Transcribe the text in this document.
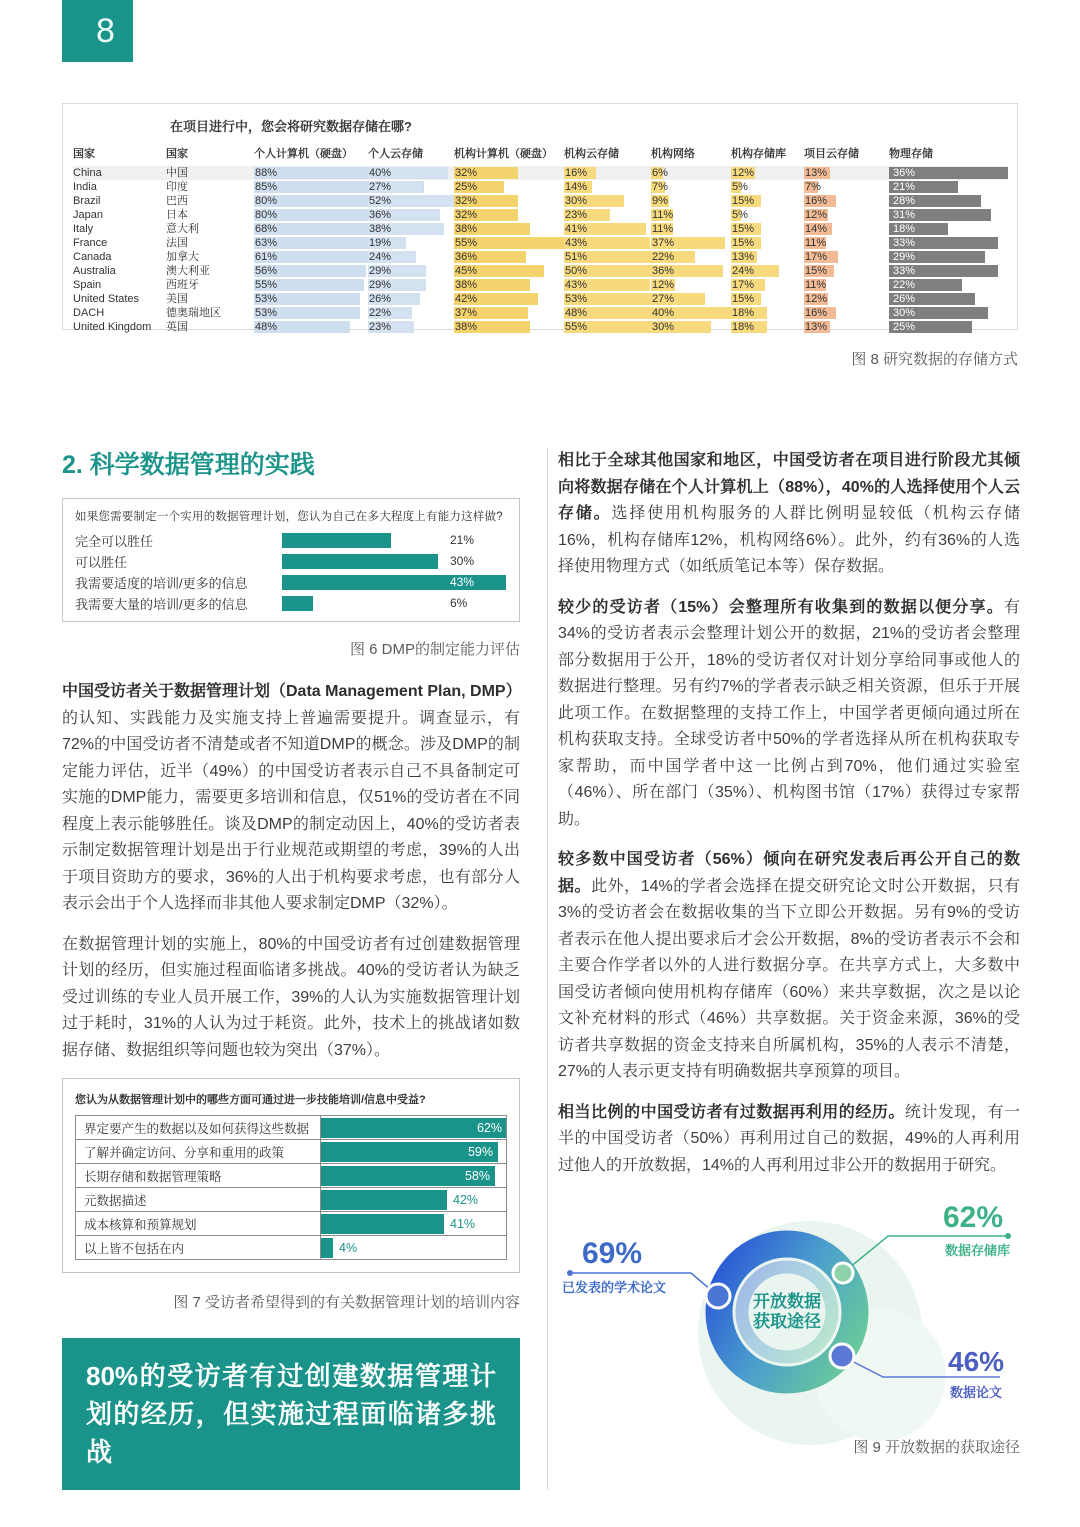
8
在项目进行中，您会将研究数据存储在哪?
国家	国家	个人计算机（硬盘）	个人云存储	机构计算机（硬盘）	机构云存储	机构网络	机构存储库	项目云存储	物理存储
China	中国	88%	40%	32%	16%	6%	12%	13%	36%
India	印度	85%	27%	25%	14%	7%	5%	7%	21%
Brazil	巴西	80%	52%	32%	30%	9%	15%	16%	28%
Japan	日本	80%	36%	32%	23%	11%	5%	12%	31%
Italy	意大利	68%	38%	38%	41%	11%	15%	14%	18%
France	法国	63%	19%	55%	43%	37%	15%	11%	33%
Canada	加拿大	61%	24%	36%	51%	22%	13%	17%	29%
Australia	澳大利亚	56%	29%	45%	50%	36%	24%	15%	33%
Spain	西班牙	55%	29%	38%	43%	12%	17%	11%	22%
United States	美国	53%	26%	42%	53%	27%	15%	12%	26%
DACH	德奥瑞地区	53%	22%	37%	48%	40%	18%	16%	30%
United Kingdom	英国	48%	23%	38%	55%	30%	18%	13%	25%
图 8 研究数据的存储方式
2. 科学数据管理的实践
如果您需要制定一个实用的数据管理计划，您认为自己在多大程度上有能力这样做?
完全可以胜任	21%
可以胜任	30%
我需要适度的培训/更多的信息	43%
我需要大量的培训/更多的信息	6%
图 6 DMP的制定能力评估

中国受访者关于数据管理计划（Data Management Plan, DMP）的认知、实践能力及实施支持上普遍需要提升。调查显示，有72%的中国受访者不清楚或者不知道DMP的概念。涉及DMP的制定能力评估，近半（49%）的中国受访者表示自己不具备制定可实施的DMP能力，需要更多培训和信息，仅51%的受访者在不同程度上表示能够胜任。谈及DMP的制定动因上，40%的受访者表示制定数据管理计划是出于行业规范或期望的考虑，39%的人出于项目资助方的要求，36%的人出于机构要求考虑，也有部分人表示会出于个人选择而非其他人要求制定DMP（32%）。

在数据管理计划的实施上，80%的中国受访者有过创建数据管理计划的经历，但实施过程面临诸多挑战。40%的受访者认为缺乏受过训练的专业人员开展工作，39%的人认为实施数据管理计划过于耗时，31%的人认为过于耗资。此外，技术上的挑战诸如数据存储、数据组织等问题也较为突出（37%）。

您认为从数据管理计划中的哪些方面可通过进一步技能培训/信息中受益?
界定要产生的数据以及如何获得这些数据	62%
了解并确定访问、分享和重用的政策	59%
长期存储和数据管理策略	58%
元数据描述	42%
成本核算和预算规划	41%
以上皆不包括在内	4%
图 7 受访者希望得到的有关数据管理计划的培训内容
80%的受访者有过创建数据管理计划的经历，但实施过程面临诸多挑战

相比于全球其他国家和地区，中国受访者在项目进行阶段尤其倾向将数据存储在个人计算机上（88%），40%的人选择使用个人云存储。选择使用机构服务的人群比例明显较低（机构云存储16%，机构存储库12%，机构网络6%）。此外，约有36%的人选择使用物理方式（如纸质笔记本等）保存数据。

较少的受访者（15%）会整理所有收集到的数据以便分享。有34%的受访者表示会整理计划公开的数据，21%的受访者会整理部分数据用于公开，18%的受访者仅对计划分享给同事或他人的数据进行整理。另有约7%的学者表示缺乏相关资源，但乐于开展此项工作。在数据整理的支持工作上，中国学者更倾向通过所在机构获取支持。全球受访者中50%的学者选择从所在机构获取专家帮助，而中国学者中这一比例占到70%，他们通过实验室（46%）、所在部门（35%）、机构图书馆（17%）获得过专家帮助。

较多数中国受访者（56%）倾向在研究发表后再公开自己的数据。此外，14%的学者会选择在提交研究论文时公开数据，只有3%的受访者会在数据收集的当下立即公开数据。另有9%的受访者表示在他人提出要求后才会公开数据，8%的受访者表示不会和主要合作学者以外的人进行数据分享。在共享方式上，大多数中国受访者倾向使用机构存储库（60%）来共享数据，次之是以论文补充材料的形式（46%）共享数据。关于资金来源，36%的受访者共享数据的资金支持来自所属机构，35%的人表示不清楚，27%的人表示更支持有明确数据共享预算的项目。

相当比例的中国受访者有过数据再利用的经历。统计发现，有一半的中国受访者（50%）再利用过自己的数据，49%的人再利用过他人的开放数据，14%的人再利用过非公开的数据用于研究。

开放数据
获取途径
69%
已发表的学术论文
62%
数据存储库
46%
数据论文
图 9 开放数据的获取途径
